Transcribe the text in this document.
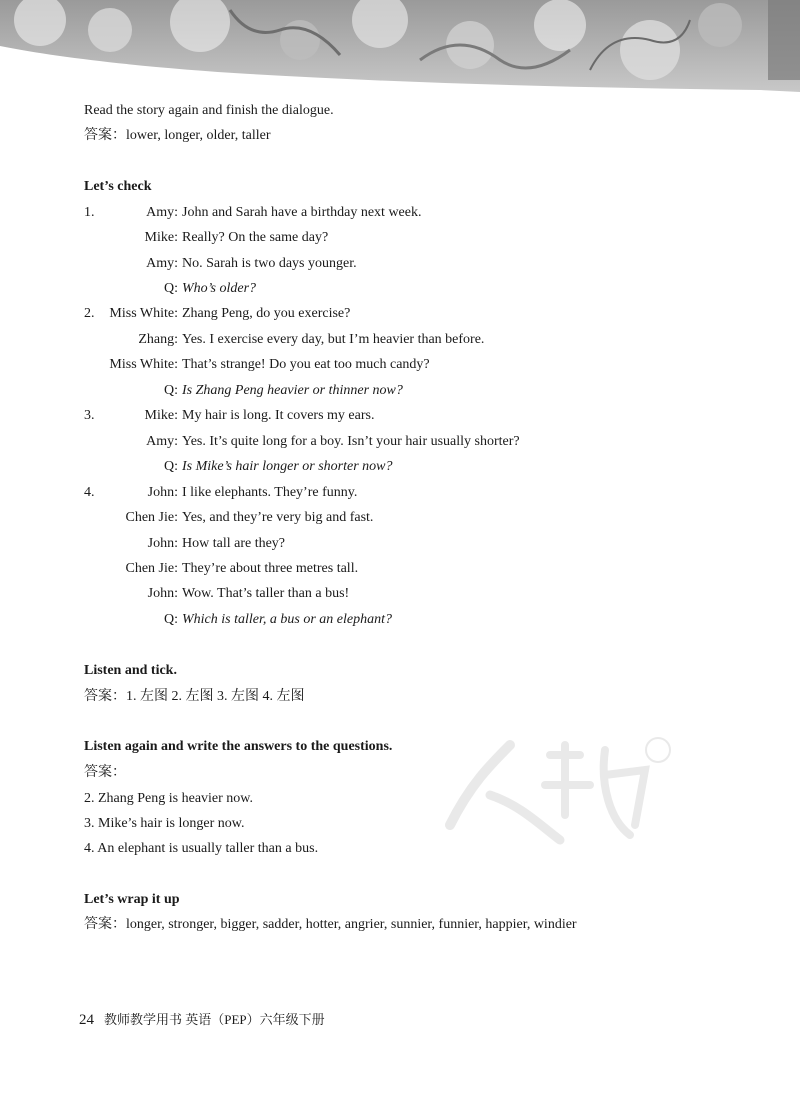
Read the story again and finish the dialogue.
答案：lower, longer, older, taller
Let’s check
1.	Amy: John and Sarah have a birthday next week.
Mike: Really? On the same day?
Amy: No. Sarah is two days younger.
Q: Who’s older?
2. Miss White: Zhang Peng, do you exercise?
Zhang: Yes. I exercise every day, but I’m heavier than before.
Miss White: That’s strange! Do you eat too much candy?
Q: Is Zhang Peng heavier or thinner now?
3.	Mike: My hair is long. It covers my ears.
Amy: Yes. It’s quite long for a boy. Isn’t your hair usually shorter?
Q: Is Mike’s hair longer or shorter now?
4.	John: I like elephants. They’re funny.
Chen Jie: Yes, and they’re very big and fast.
John: How tall are they?
Chen Jie: They’re about three metres tall.
John: Wow. That’s taller than a bus!
Q: Which is taller, a bus or an elephant?
Listen and tick.
答案：1. 左图 2. 左图 3. 左图 4. 左图
Listen again and write the answers to the questions.
答案：
2. Zhang Peng is heavier now.
3. Mike’s hair is longer now.
4. An elephant is usually taller than a bus.
Let’s wrap it up
答案：longer, stronger, bigger, sadder, hotter, angrier, sunnier, funnier, happier, windier
24 教师教学用书 英语（PEP）六年级下册
